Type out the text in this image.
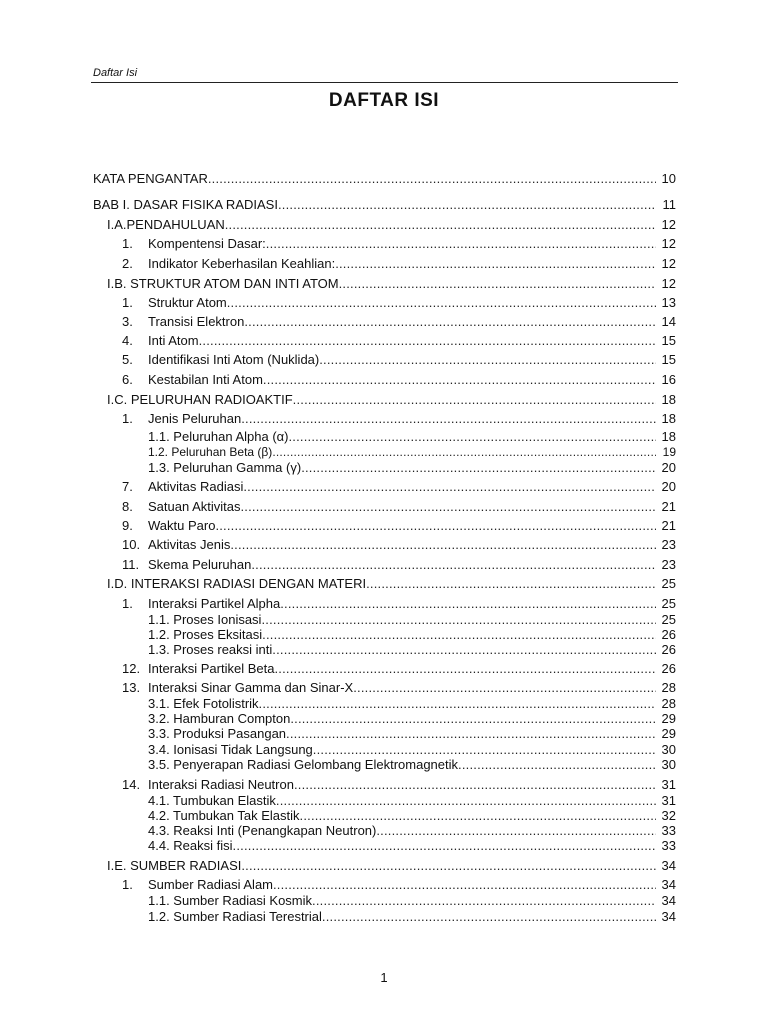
Daftar Isi
DAFTAR ISI
KATA PENGANTAR .....	10
BAB I. DASAR FISIKA RADIASI .....	11
I.A.PENDAHULUAN .....	12
1. Kompentensi Dasar: .....	12
2. Indikator Keberhasilan Keahlian: .....	12
I.B. STRUKTUR ATOM DAN INTI ATOM .....	12
1. Struktur Atom .....	13
3. Transisi Elektron .....	14
4. Inti Atom .....	15
5. Identifikasi Inti Atom (Nuklida) .....	15
6. Kestabilan Inti Atom .....	16
I.C. PELURUHAN RADIOAKTIF .....	18
1. Jenis Peluruhan .....	18
1.1. Peluruhan Alpha (α) .....	18
1.2. Peluruhan Beta (β) .....	19
1.3. Peluruhan Gamma (γ) .....	20
7. Aktivitas Radiasi .....	20
8. Satuan Aktivitas .....	21
9. Waktu Paro .....	21
10. Aktivitas Jenis .....	23
11. Skema Peluruhan .....	23
I.D. INTERAKSI RADIASI DENGAN MATERI .....	25
1. Interaksi Partikel Alpha .....	25
1.1. Proses Ionisasi .....	25
1.2. Proses Eksitasi .....	26
1.3. Proses reaksi inti .....	26
12. Interaksi Partikel Beta .....	26
13. Interaksi Sinar Gamma dan Sinar-X .....	28
3.1. Efek Fotolistrik .....	28
3.2. Hamburan Compton .....	29
3.3. Produksi Pasangan .....	29
3.4. Ionisasi Tidak Langsung .....	30
3.5. Penyerapan Radiasi Gelombang Elektromagnetik .....	30
14. Interaksi Radiasi Neutron .....	31
4.1. Tumbukan Elastik .....	31
4.2. Tumbukan Tak Elastik .....	32
4.3. Reaksi Inti (Penangkapan Neutron) .....	33
4.4. Reaksi fisi .....	33
I.E. SUMBER RADIASI .....	34
1. Sumber Radiasi Alam .....	34
1.1. Sumber Radiasi Kosmik .....	34
1.2. Sumber Radiasi Terestrial .....	34
1
